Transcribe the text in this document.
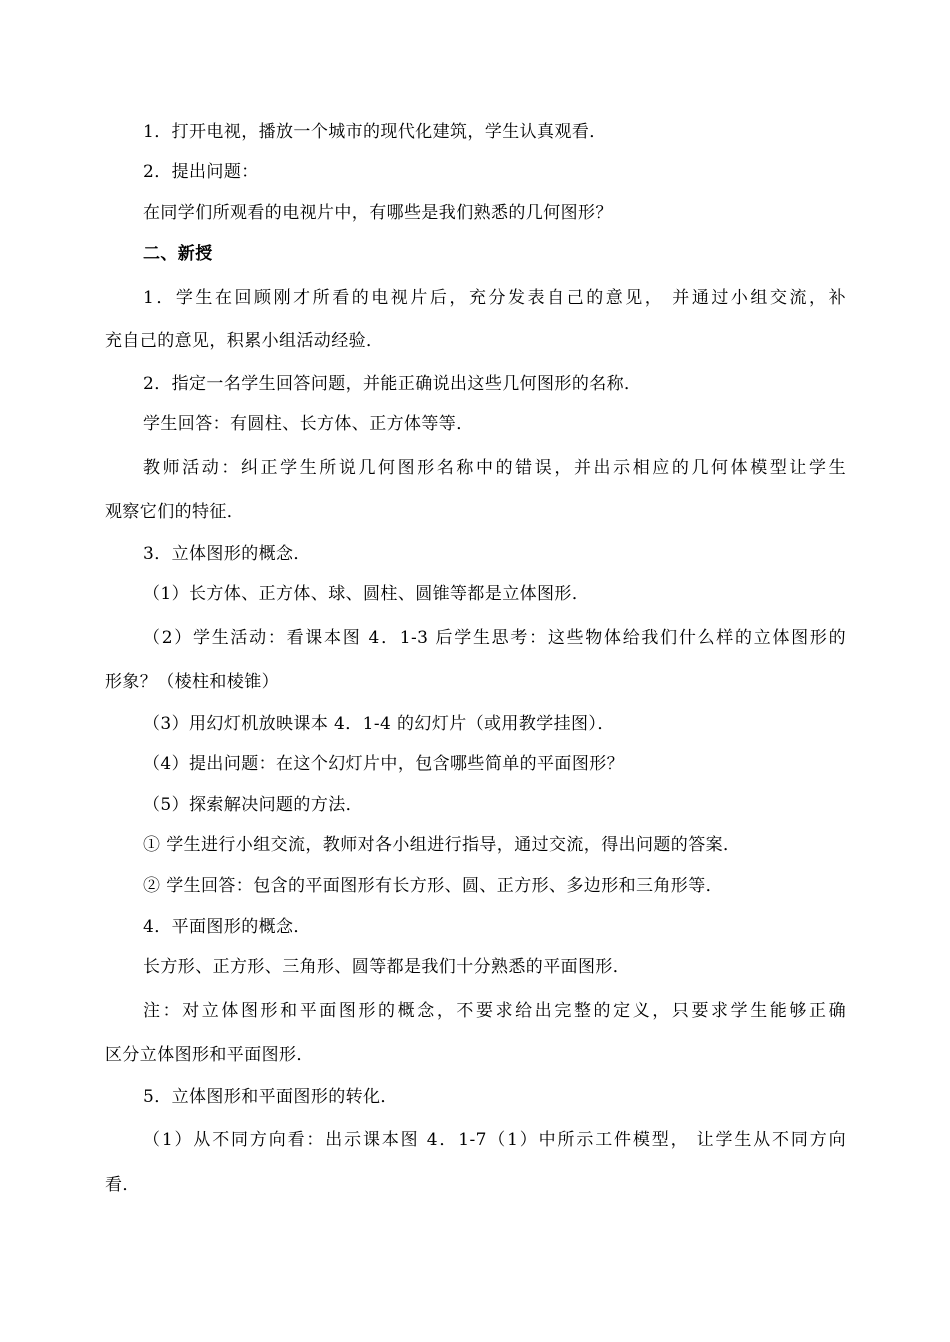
1．打开电视，播放一个城市的现代化建筑，学生认真观看．
2．提出问题：
在同学们所观看的电视片中，有哪些是我们熟悉的几何图形？
二、新授
1．学生在回顾刚才所看的电视片后，充分发表自己的意见， 并通过小组交流，补
充自己的意见，积累小组活动经验．
2．指定一名学生回答问题，并能正确说出这些几何图形的名称．
学生回答：有圆柱、长方体、正方体等等．
教师活动：纠正学生所说几何图形名称中的错误，并出示相应的几何体模型让学生
观察它们的特征．
3．立体图形的概念．
（1）长方体、正方体、球、圆柱、圆锥等都是立体图形．
（2）学生活动：看课本图 4．1-3 后学生思考：这些物体给我们什么样的立体图形的
形象？（棱柱和棱锥）
（3）用幻灯机放映课本 4．1-4 的幻灯片（或用教学挂图）．
（4）提出问题：在这个幻灯片中，包含哪些简单的平面图形？
（5）探索解决问题的方法．
① 学生进行小组交流，教师对各小组进行指导，通过交流，得出问题的答案．
② 学生回答：包含的平面图形有长方形、圆、正方形、多边形和三角形等．
4．平面图形的概念．
长方形、正方形、三角形、圆等都是我们十分熟悉的平面图形．
注：对立体图形和平面图形的概念，不要求给出完整的定义，只要求学生能够正确
区分立体图形和平面图形．
5．立体图形和平面图形的转化．
（1）从不同方向看：出示课本图 4．1-7（1）中所示工件模型， 让学生从不同方向
看．
